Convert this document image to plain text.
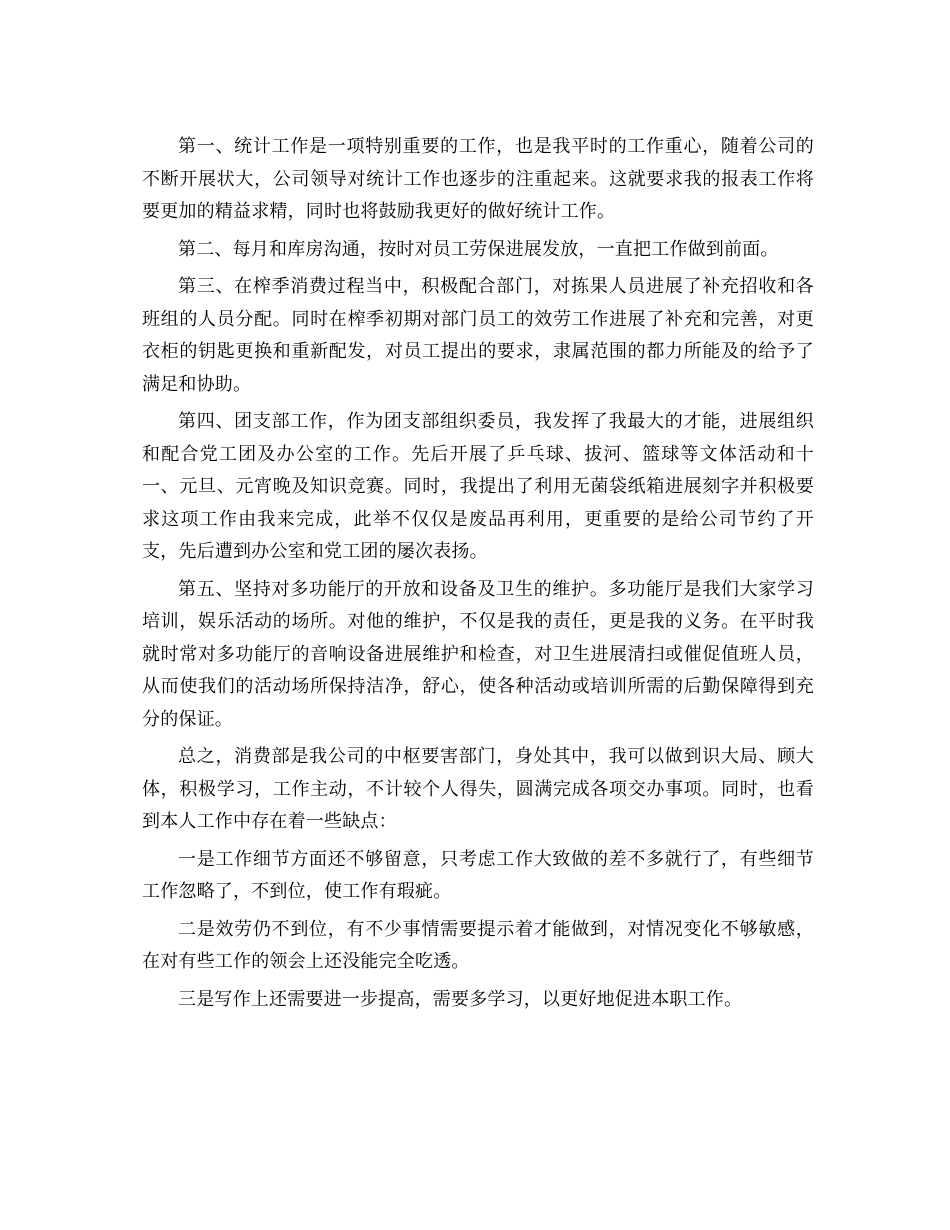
第一、统计工作是一项特别重要的工作，也是我平时的工作重心，随着公司的不断开展状大，公司领导对统计工作也逐步的注重起来。这就要求我的报表工作将要更加的精益求精，同时也将鼓励我更好的做好统计工作。

第二、每月和库房沟通，按时对员工劳保进展发放，一直把工作做到前面。

第三、在榨季消费过程当中，积极配合部门，对拣果人员进展了补充招收和各班组的人员分配。同时在榨季初期对部门员工的效劳工作进展了补充和完善，对更衣柜的钥匙更换和重新配发，对员工提出的要求，隶属范围的都力所能及的给予了满足和协助。

第四、团支部工作，作为团支部组织委员，我发挥了我最大的才能，进展组织和配合党工团及办公室的工作。先后开展了乒乓球、拔河、篮球等文体活动和十一、元旦、元宵晚及知识竞赛。同时，我提出了利用无菌袋纸箱进展刻字并积极要求这项工作由我来完成，此举不仅仅是废品再利用，更重要的是给公司节约了开支，先后遭到办公室和党工团的屡次表扬。

第五、坚持对多功能厅的开放和设备及卫生的维护。多功能厅是我们大家学习培训，娱乐活动的场所。对他的维护，不仅是我的责任，更是我的义务。在平时我就时常对多功能厅的音响设备进展维护和检查，对卫生进展清扫或催促值班人员，从而使我们的活动场所保持洁净，舒心，使各种活动或培训所需的后勤保障得到充分的保证。

总之，消费部是我公司的中枢要害部门，身处其中，我可以做到识大局、顾大体，积极学习，工作主动，不计较个人得失，圆满完成各项交办事项。同时，也看到本人工作中存在着一些缺点：

一是工作细节方面还不够留意，只考虑工作大致做的差不多就行了，有些细节工作忽略了，不到位，使工作有瑕疵。

二是效劳仍不到位，有不少事情需要提示着才能做到，对情况变化不够敏感，在对有些工作的领会上还没能完全吃透。

三是写作上还需要进一步提高，需要多学习，以更好地促进本职工作。
